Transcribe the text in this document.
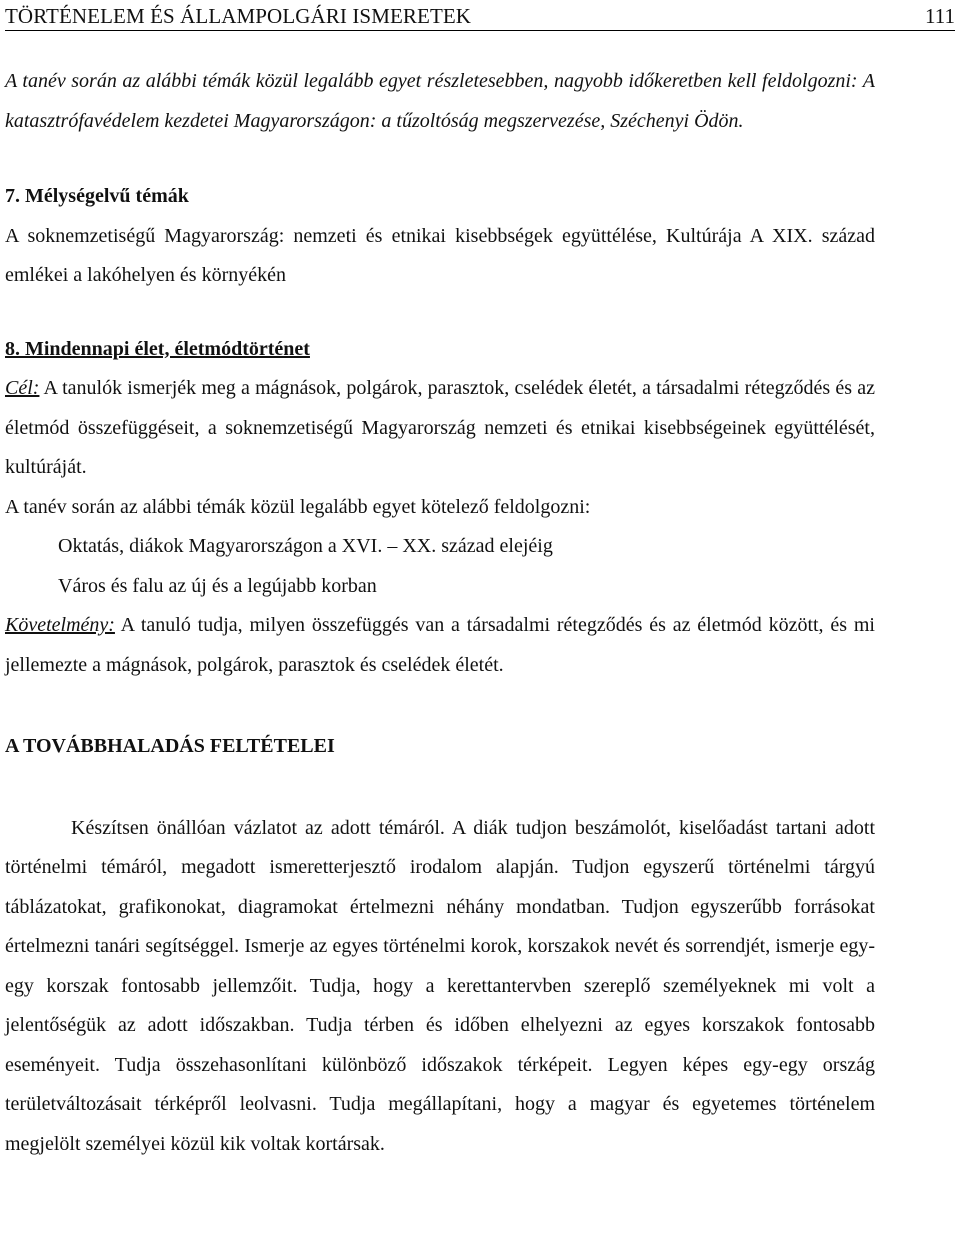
TÖRTÉNELEM ÉS ÁLLAMPOLGÁRI ISMERETEK	111

A tanév során az alábbi témák közül legalább egyet részletesebben, nagyobb időkeretben kell feldolgozni: A katasztrófavédelem kezdetei Magyarországon: a tűzoltóság megszervezése, Széchenyi Ödön.

7. Mélységelvű témák

A soknemzetiségű Magyarország: nemzeti és etnikai kisebbségek együttélése, Kultúrája A XIX. század emlékei a lakóhelyen és környékén

8. Mindennapi élet, életmódtörténet

Cél: A tanulók ismerjék meg a mágnások, polgárok, parasztok, cselédek életét, a társadalmi rétegződés és az életmód összefüggéseit, a soknemzetiségű Magyarország nemzeti és etnikai kisebbségeinek együttélését, kultúráját.

A tanév során az alábbi témák közül legalább egyet kötelező feldolgozni:

Oktatás, diákok Magyarországon a XVI. – XX. század elejéig
Város és falu az új és a legújabb korban

Követelmény: A tanuló tudja, milyen összefüggés van a társadalmi rétegződés és az életmód között, és mi jellemezte a mágnások, polgárok, parasztok és cselédek életét.

A TOVÁBBHALADÁS FELTÉTELEI

Készítsen önállóan vázlatot az adott témáról. A diák tudjon beszámolót, kiselőadást tartani adott történelmi témáról, megadott ismeretterjesztő irodalom alapján. Tudjon egyszerű történelmi tárgyú táblázatokat, grafikonokat, diagramokat értelmezni néhány mondatban. Tudjon egyszerűbb forrásokat értelmezni tanári segítséggel. Ismerje az egyes történelmi korok, korszakok nevét és sorrendjét, ismerje egy-egy korszak fontosabb jellemzőit. Tudja, hogy a kerettantervben szereplő személyeknek mi volt a jelentőségük az adott időszakban. Tudja térben és időben elhelyezni az egyes korszakok fontosabb eseményeit. Tudja összehasonlítani különböző időszakok térképeit. Legyen képes egy-egy ország területváltozásait térképről leolvasni. Tudja megállapítani, hogy a magyar és egyetemes történelem megjelölt személyei közül kik voltak kortársak.
